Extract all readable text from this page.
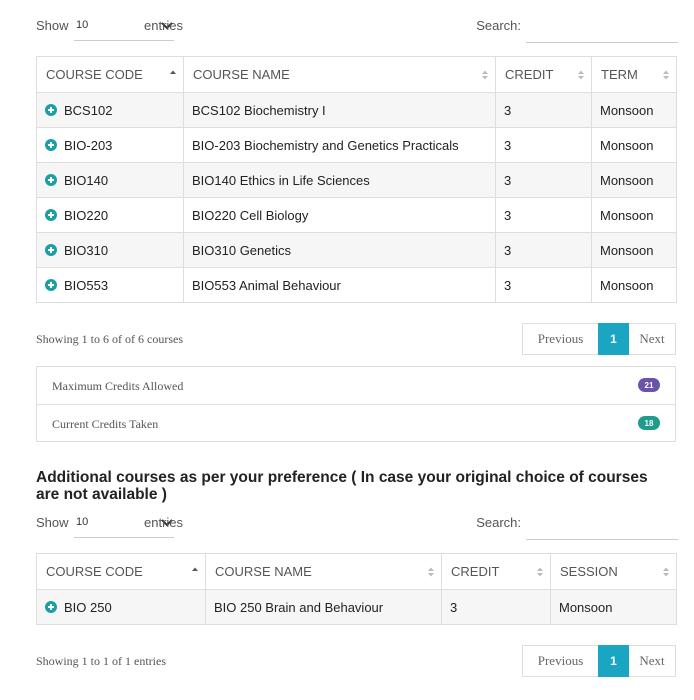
Show 10	entries	Search:
COURSE CODE	COURSE NAME	CREDIT	TERM

BCS102	BCS102 Biochemistry I	3	Monsoon
BIO-203	BIO-203 Biochemistry and Genetics Practicals	3	Monsoon
BIO140	BIO140 Ethics in Life Sciences	3	Monsoon
BIO220	BIO220 Cell Biology	3	Monsoon
BIO310	BIO310 Genetics	3	Monsoon
BIO553	BIO553 Animal Behaviour	3	Monsoon
Showing 1 to 6 of of 6 courses	Previous	1	Next
Maximum Credits Allowed	21
Current Credits Taken	18
Additional courses as per your preference ( In case your original choice of courses are not available )
Show 10	entries	Search:
COURSE CODE	COURSE NAME	CREDIT	SESSION

BIO 250	BIO 250 Brain and Behaviour	3	Monsoon
Showing 1 to 1 of 1 entries	Previous	1	Next
